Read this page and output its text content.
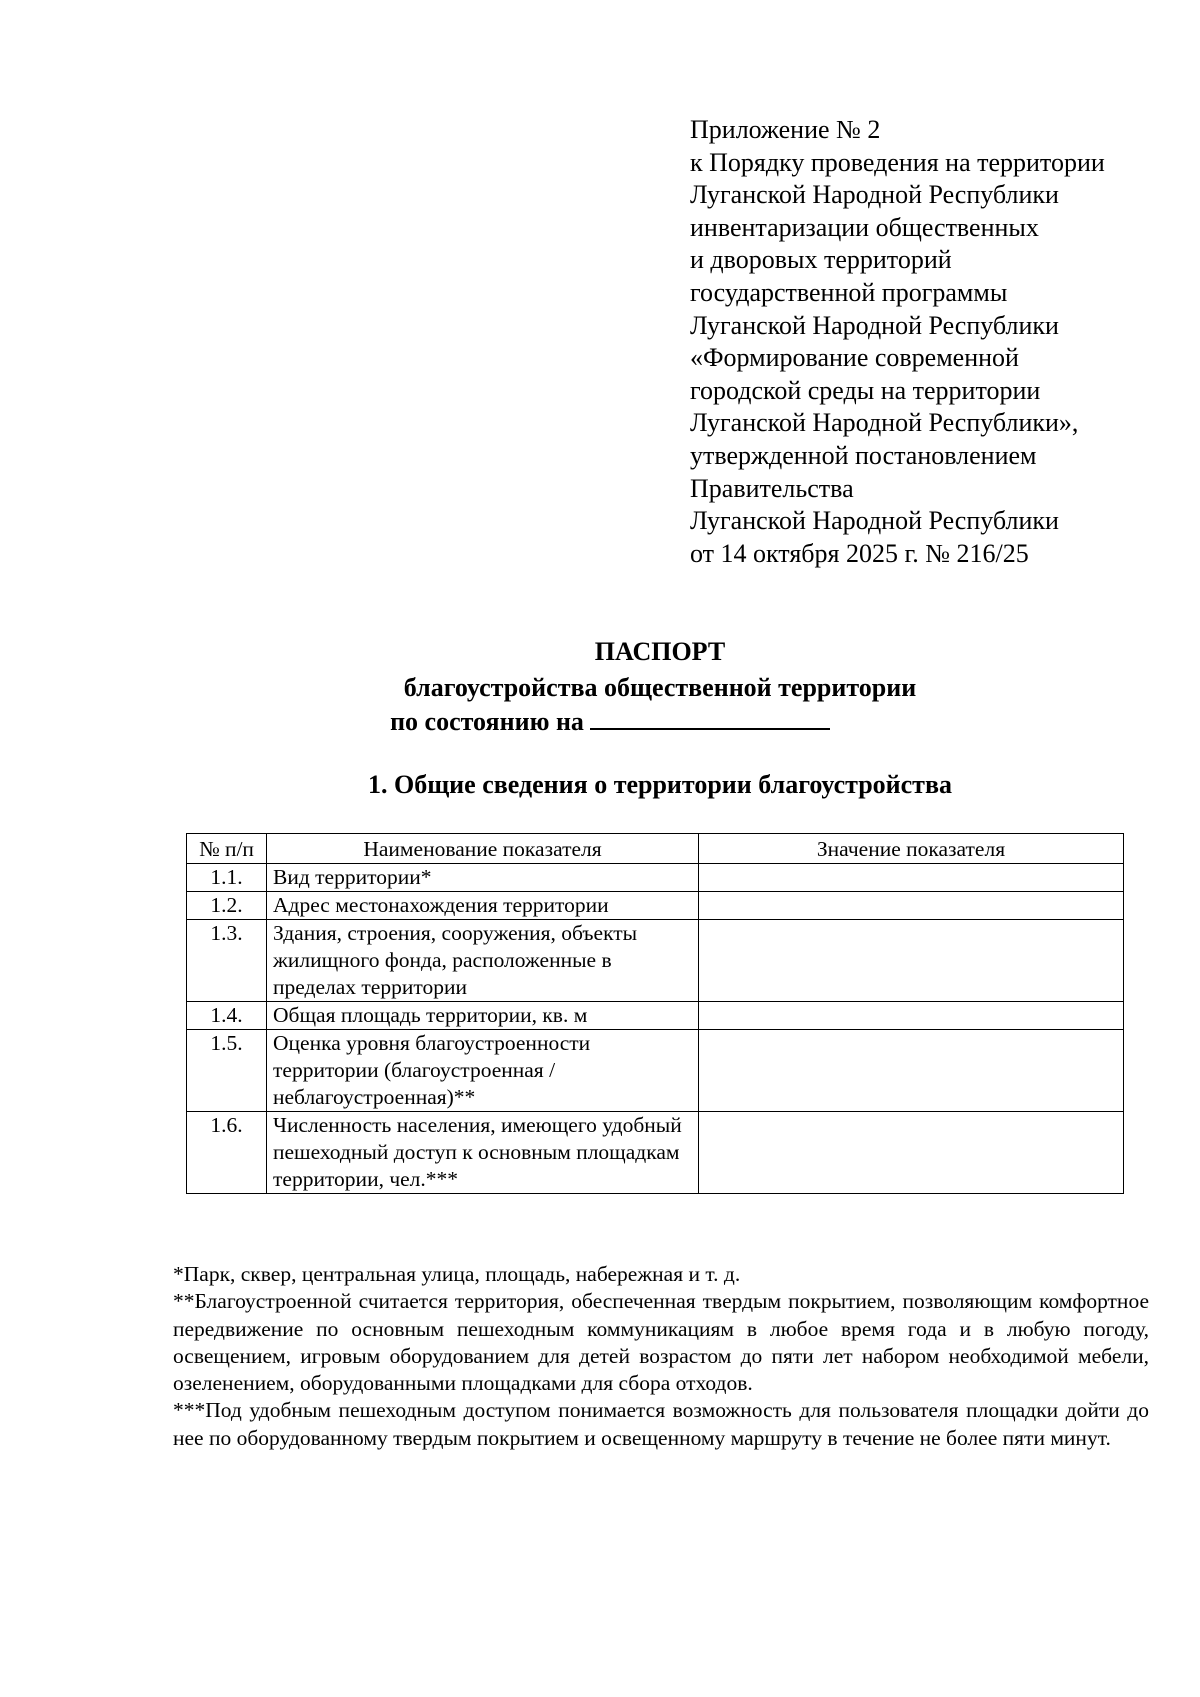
Приложение № 2
к Порядку проведения на территории
Луганской Народной Республики
инвентаризации общественных
и дворовых территорий
государственной программы
Луганской Народной Республики
«Формирование современной
городской среды на территории
Луганской Народной Республики»,
утвержденной постановлением
Правительства
Луганской Народной Республики
от 14 октября 2025 г. № 216/25
ПАСПОРТ
благоустройства общественной территории
по состоянию на
1. Общие сведения о территории благоустройства
№ п/п	Наименование показателя	Значение показателя
1.1.	Вид территории*	
1.2.	Адрес местонахождения территории	
1.3.	Здания, строения, сооружения, объекты жилищного фонда, расположенные в пределах территории	
1.4.	Общая площадь территории, кв. м	
1.5.	Оценка уровня благоустроенности территории (благоустроенная / неблагоустроенная)**	
1.6.	Численность населения, имеющего удобный пешеходный доступ к основным площадкам территории, чел.***	

*Парк, сквер, центральная улица, площадь, набережная и т. д.

**Благоустроенной считается территория, обеспеченная твердым покрытием, позволяющим комфортное передвижение по основным пешеходным коммуникациям в любое время года и в любую погоду, освещением, игровым оборудованием для детей возрастом до пяти лет набором необходимой мебели, озеленением, оборудованными площадками для сбора отходов.

***Под удобным пешеходным доступом понимается возможность для пользователя площадки дойти до нее по оборудованному твердым покрытием и освещенному маршруту в течение не более пяти минут.
